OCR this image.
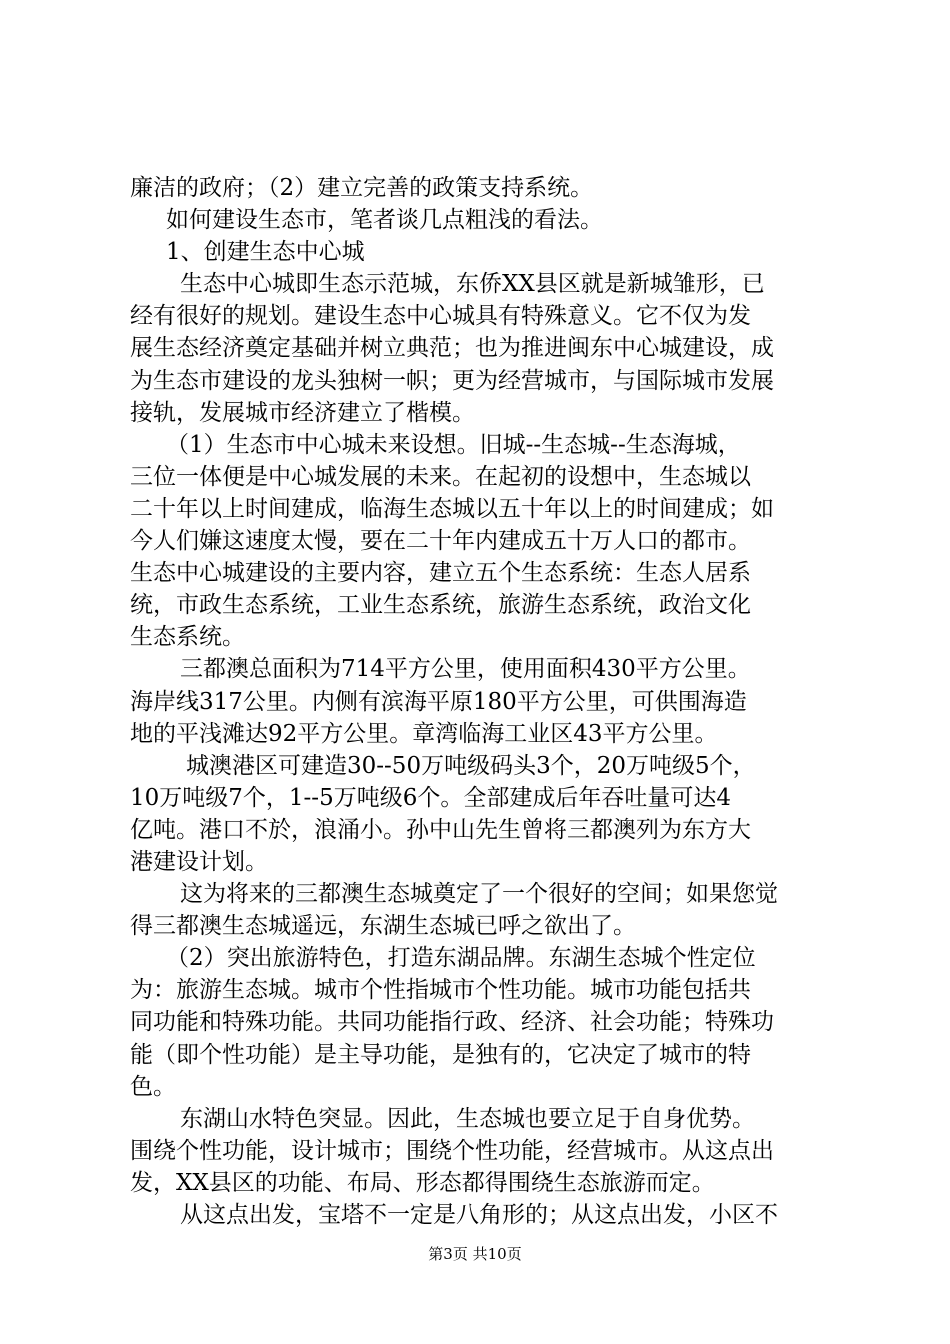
廉洁的政府；（2）建立完善的政策支持系统。
如何建设生态市，笔者谈几点粗浅的看法。
1、创建生态中心城
生态中心城即生态示范城，东侨XX县区就是新城雏形，已
经有很好的规划。建设生态中心城具有特殊意义。它不仅为发
展生态经济奠定基础并树立典范；也为推进闽东中心城建设，成
为生态市建设的龙头独树一帜；更为经营城市，与国际城市发展
接轨，发展城市经济建立了楷模。
（1）生态市中心城未来设想。旧城--生态城--生态海城，
三位一体便是中心城发展的未来。在起初的设想中，生态城以
二十年以上时间建成，临海生态城以五十年以上的时间建成；如
今人们嫌这速度太慢，要在二十年内建成五十万人口的都市。
生态中心城建设的主要内容，建立五个生态系统：生态人居系
统，市政生态系统，工业生态系统，旅游生态系统，政治文化
生态系统。
三都澳总面积为714平方公里，使用面积430平方公里。
海岸线317公里。内侧有滨海平原180平方公里，可供围海造
地的平浅滩达92平方公里。章湾临海工业区43平方公里。
城澳港区可建造30--50万吨级码头3个，20万吨级5个，
10万吨级7个，1--5万吨级6个。全部建成后年吞吐量可达4
亿吨。港口不於，浪涌小。孙中山先生曾将三都澳列为东方大
港建设计划。
这为将来的三都澳生态城奠定了一个很好的空间；如果您觉
得三都澳生态城遥远，东湖生态城已呼之欲出了。
（2）突出旅游特色，打造东湖品牌。东湖生态城个性定位
为：旅游生态城。城市个性指城市个性功能。城市功能包括共
同功能和特殊功能。共同功能指行政、经济、社会功能；特殊功
能（即个性功能）是主导功能，是独有的，它决定了城市的特
色。
东湖山水特色突显。因此，生态城也要立足于自身优势。
围绕个性功能，设计城市；围绕个性功能，经营城市。从这点出
发，XX县区的功能、布局、形态都得围绕生态旅游而定。
从这点出发，宝塔不一定是八角形的；从这点出发，小区不
第3页 共10页
